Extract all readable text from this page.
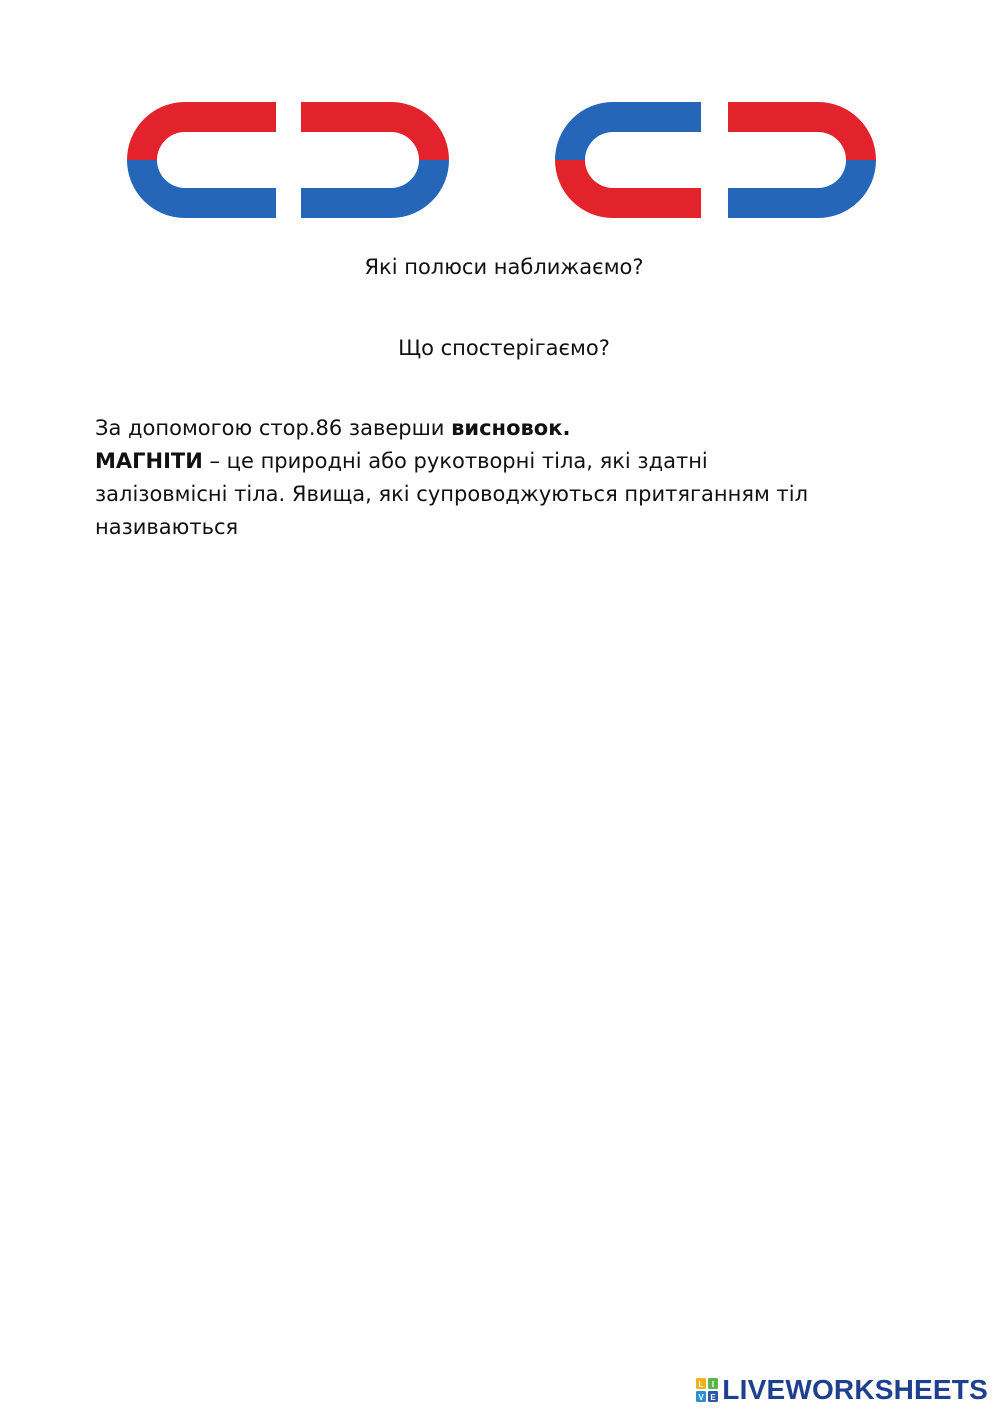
Які полюси наближаємо?
Що спостерігаємо?
За допомогою стор.86 заверши висновок.
МАГНІТИ – це природні або рукотворні тіла, які здатні
залізовмісні тіла. Явища, які супроводжуються притяганням тіл
називаються
L I
V E LIVEWORKSHEETS
